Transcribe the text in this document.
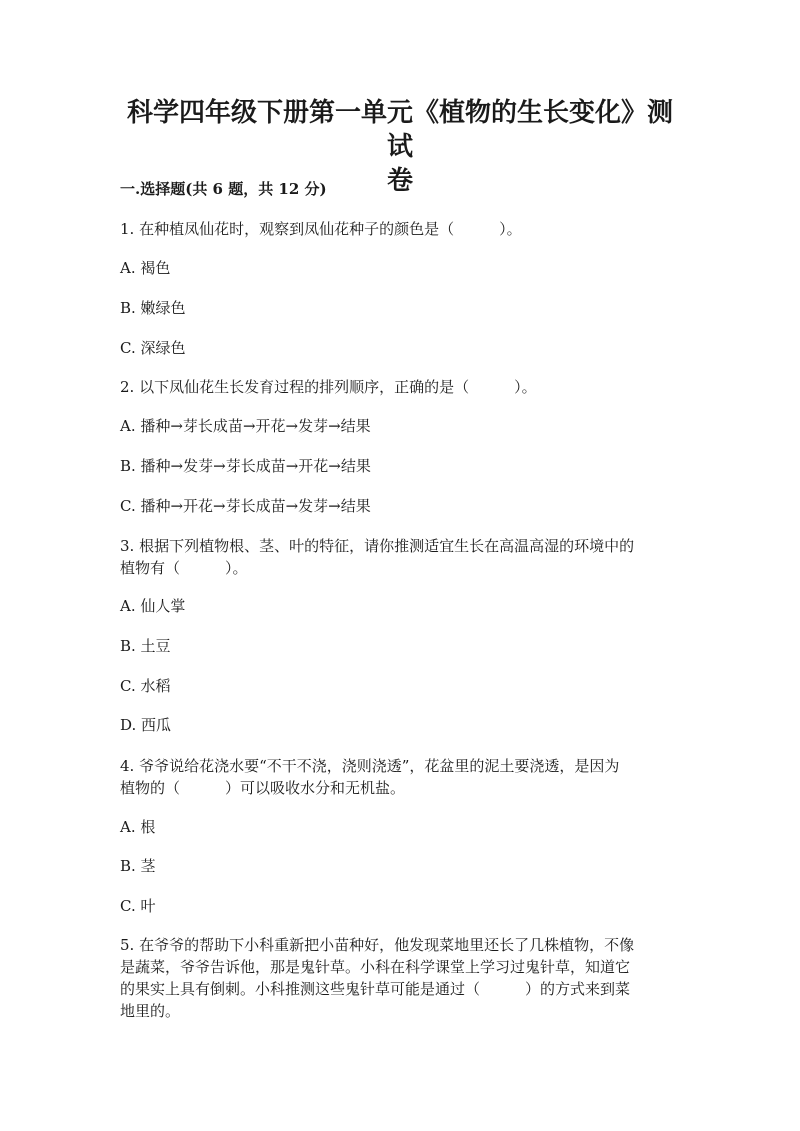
科学四年级下册第一单元《植物的生长变化》测试
卷
一.选择题(共 6 题，共 12 分)
1. 在种植凤仙花时，观察到凤仙花种子的颜色是（　　　）。
A. 褐色
B. 嫩绿色
C. 深绿色
2. 以下凤仙花生长发育过程的排列顺序，正确的是（　　　）。
A. 播种→芽长成苗→开花→发芽→结果
B. 播种→发芽→芽长成苗→开花→结果
C. 播种→开花→芽长成苗→发芽→结果
3. 根据下列植物根、茎、叶的特征，请你推测适宜生长在高温高湿的环境中的
植物有（　　　）。
A. 仙人掌
B. 土豆
C. 水稻
D. 西瓜
4. 爷爷说给花浇水要“不干不浇，浇则浇透”，花盆里的泥土要浇透，是因为
植物的（　　　）可以吸收水分和无机盐。
A. 根
B. 茎
C. 叶
5. 在爷爷的帮助下小科重新把小苗种好，他发现菜地里还长了几株植物，不像
是蔬菜，爷爷告诉他，那是鬼针草。小科在科学课堂上学习过鬼针草，知道它
的果实上具有倒刺。小科推测这些鬼针草可能是通过（　　　）的方式来到菜
地里的。
